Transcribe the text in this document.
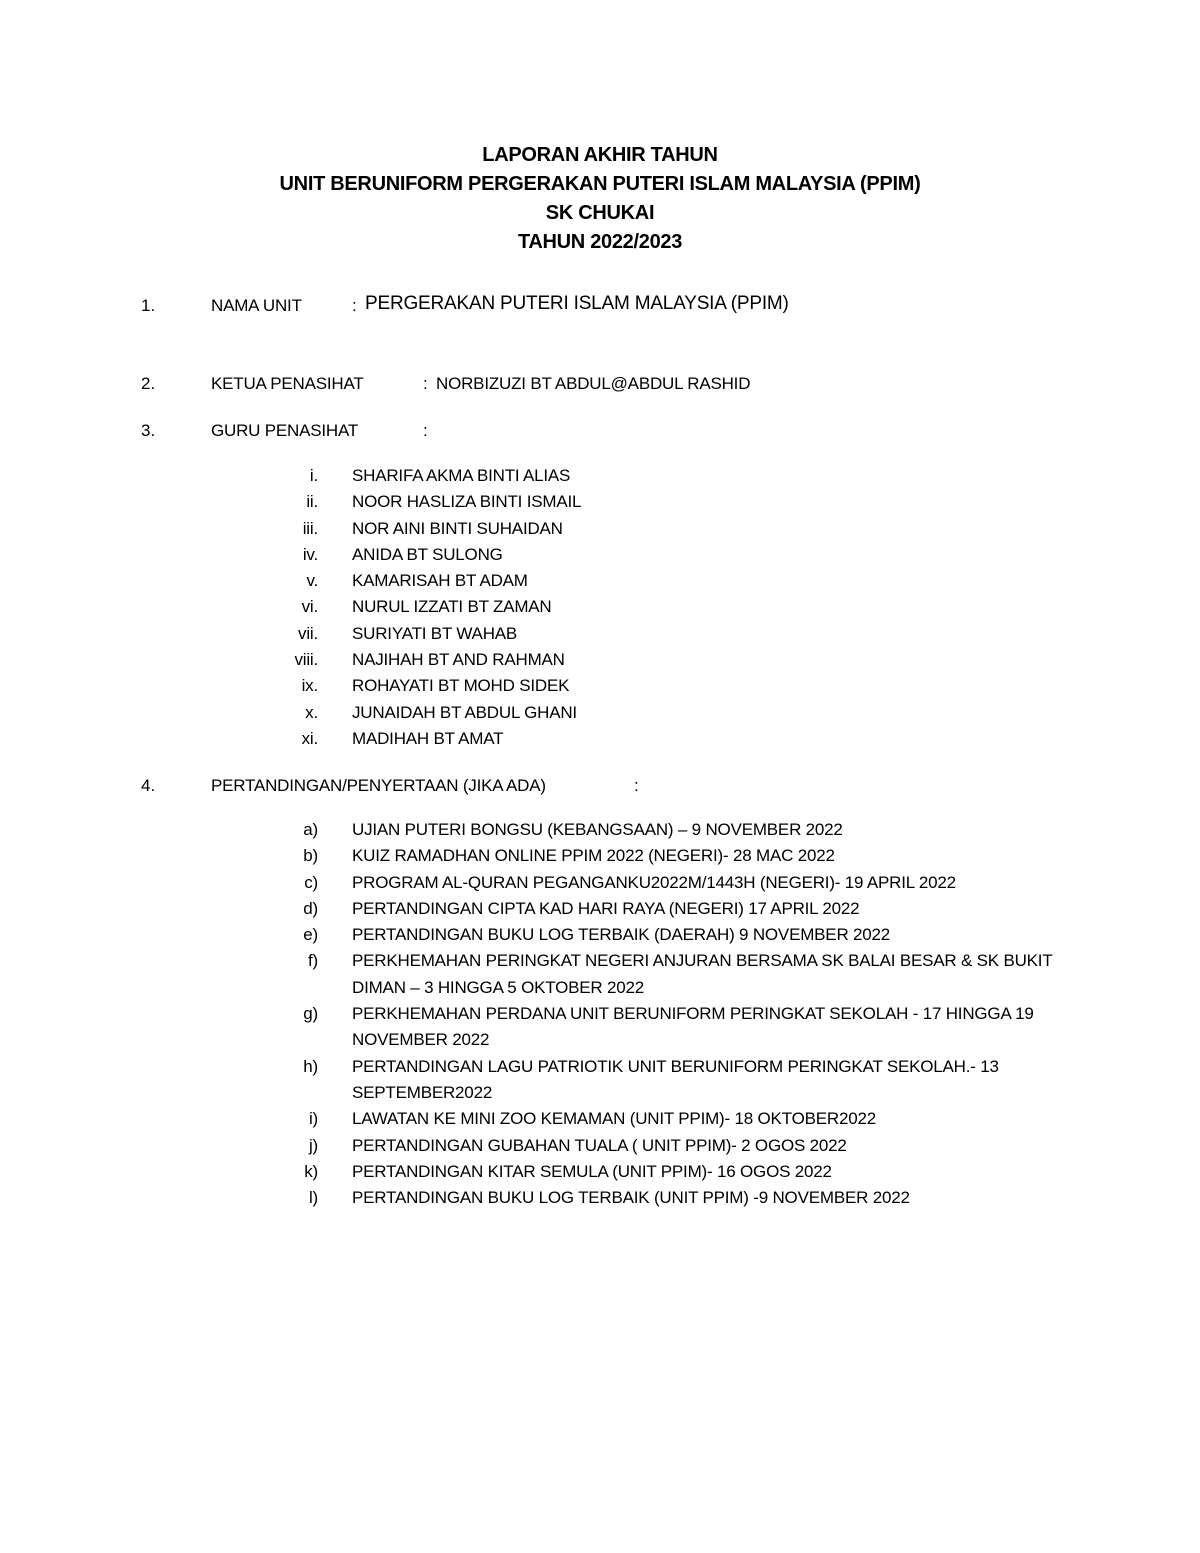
LAPORAN AKHIR TAHUN
UNIT BERUNIFORM PERGERAKAN PUTERI ISLAM MALAYSIA (PPIM)
SK CHUKAI
TAHUN 2022/2023
1.	NAMA UNIT	: PERGERAKAN PUTERI ISLAM MALAYSIA (PPIM)
2.	KETUA PENASIHAT	: NORBIZUZI BT ABDUL@ABDUL RASHID
3.	GURU PENASIHAT	:
i. SHARIFA AKMA BINTI ALIAS
ii. NOOR HASLIZA BINTI ISMAIL
iii. NOR AINI BINTI SUHAIDAN
iv. ANIDA BT SULONG
v. KAMARISAH BT ADAM
vi. NURUL IZZATI BT ZAMAN
vii. SURIYATI BT WAHAB
viii. NAJIHAH BT AND RAHMAN
ix. ROHAYATI BT MOHD SIDEK
x. JUNAIDAH BT ABDUL GHANI
xi. MADIHAH BT AMAT
4.	PERTANDINGAN/PENYERTAAN (JIKA ADA)	:
a) UJIAN PUTERI BONGSU (KEBANGSAAN) – 9 NOVEMBER 2022
b) KUIZ RAMADHAN ONLINE PPIM 2022 (NEGERI)- 28 MAC 2022
c) PROGRAM AL-QURAN PEGANGANKU2022M/1443H (NEGERI)- 19 APRIL 2022
d) PERTANDINGAN CIPTA KAD HARI RAYA (NEGERI) 17 APRIL 2022
e) PERTANDINGAN BUKU LOG TERBAIK (DAERAH) 9 NOVEMBER 2022
f) PERKHEMAHAN PERINGKAT NEGERI ANJURAN BERSAMA SK BALAI BESAR & SK BUKIT DIMAN – 3 HINGGA 5 OKTOBER 2022
g) PERKHEMAHAN PERDANA UNIT BERUNIFORM PERINGKAT SEKOLAH - 17 HINGGA 19 NOVEMBER 2022
h) PERTANDINGAN LAGU PATRIOTIK UNIT BERUNIFORM PERINGKAT SEKOLAH.- 13 SEPTEMBER2022
i) LAWATAN KE MINI ZOO KEMAMAN (UNIT PPIM)- 18 OKTOBER2022
j) PERTANDINGAN GUBAHAN TUALA ( UNIT PPIM)- 2 OGOS 2022
k) PERTANDINGAN KITAR SEMULA (UNIT PPIM)- 16 OGOS 2022
l) PERTANDINGAN BUKU LOG TERBAIK (UNIT PPIM) -9 NOVEMBER 2022
